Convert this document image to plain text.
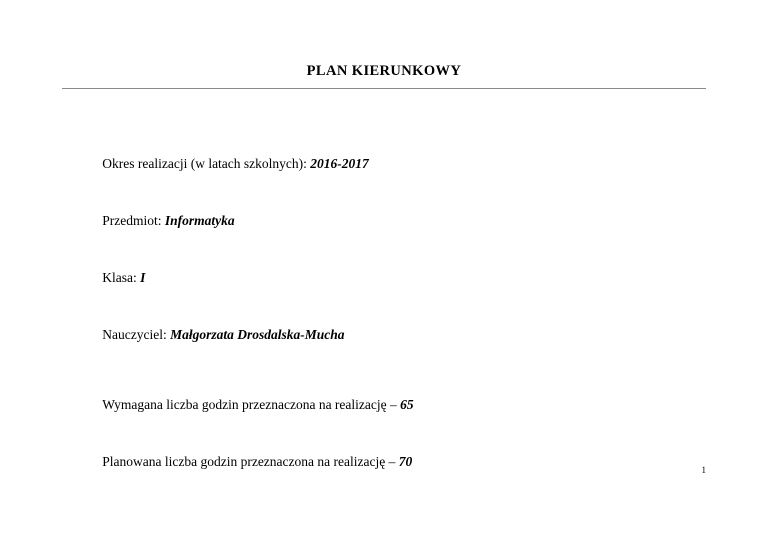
PLAN KIERUNKOWY

Okres realizacji (w latach szkolnych): 2016-2017

Przedmiot: Informatyka

Klasa: I

Nauczyciel: Małgorzata Drosdalska-Mucha

Wymagana liczba godzin przeznaczona na realizację – 65

Planowana liczba godzin przeznaczona na realizację – 70

1
